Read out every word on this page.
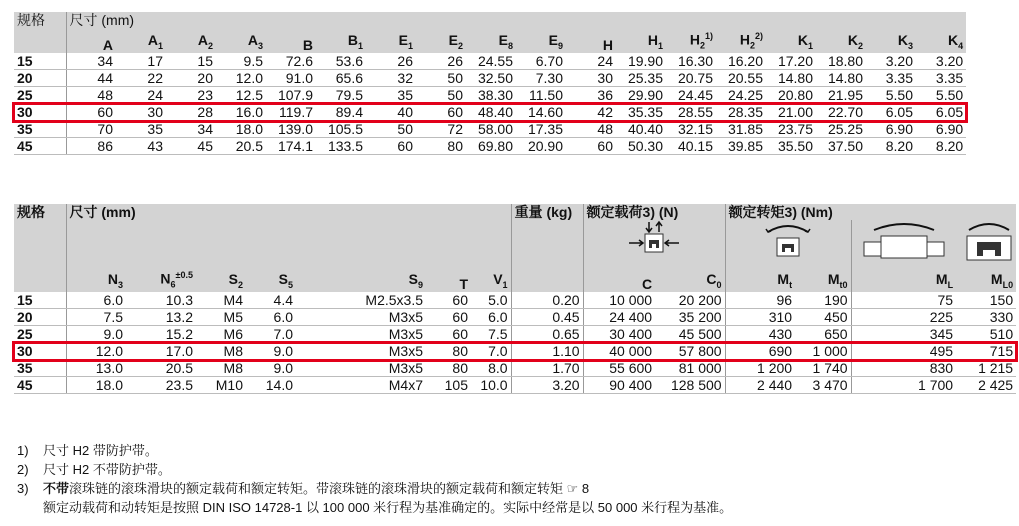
规格	尺寸 (mm)																	
	A	$A_1$	$A_2$	$A_3$	B	$B_1$	$E_1$	$E_2$	$E_8$	$E_9$	H	$H_1$	$H_2^{1)}$	$H_2^{2)}$	$K_1$	$K_2$	$K_3$	$K_4$
15	34	17	15	9.5	72.6	53.6	26	26	24.55	6.70	24	19.90	16.30	16.20	17.20	18.80	3.20	3.20
20	44	22	20	12.0	91.0	65.6	32	50	32.50	7.30	30	25.35	20.75	20.55	14.80	14.80	3.35	3.35
25	48	24	23	12.5	107.9	79.5	35	50	38.30	11.50	36	29.90	24.45	24.25	20.80	21.95	5.50	5.50
30	60	30	28	16.0	119.7	89.4	40	60	48.40	14.60	42	35.35	28.55	28.35	21.00	22.70	6.05	6.05
35	70	35	34	18.0	139.0	105.5	50	72	58.00	17.35	48	40.40	32.15	31.85	23.75	25.25	6.90	6.90
45	86	43	45	20.5	174.1	133.5	60	80	69.80	20.90	60	50.30	40.15	39.85	35.50	37.50	8.20	8.20
规格	尺寸 (mm)							重量 (kg)	额定载荷3) (N)		额定转矩3) (Nm)			

	$N_3$	$N_6^{\pm 0.5}$	$S_2$	$S_5$	$S_9$	T	$V_1$		C	$C_0$	$M_t$	$M_{t0}$	$M_L$	$M_{L0}$
15	6.0	10.3	M4	4.4	M2.5x3.5	60	5.0	0.20	10 000	20 200	96	190	75	150
20	7.5	13.2	M5	6.0	M3x5	60	6.0	0.45	24 400	35 200	310	450	225	330
25	9.0	15.2	M6	7.0	M3x5	60	7.5	0.65	30 400	45 500	430	650	345	510
30	12.0	17.0	M8	9.0	M3x5	80	7.0	1.10	40 000	57 800	690	1 000	495	715
35	13.0	20.5	M8	9.0	M3x5	80	8.0	1.70	55 600	81 000	1 200	1 740	830	1 215
45	18.0	23.5	M10	14.0	M4x7	105	10.0	3.20	90 400	128 500	2 440	3 470	1 700	2 425
1) 尺寸 H2 带防护带。
2) 尺寸 H2 不带防护带。
3) 不带滚珠链的滚珠滑块的额定载荷和额定转矩。带滚珠链的滚珠滑块的额定载荷和额定转矩 ☞ 8
额定动载荷和动转矩是按照 DIN ISO 14728-1 以 100 000 米行程为基准确定的。实际中经常是以 50 000 米行程为基准。
